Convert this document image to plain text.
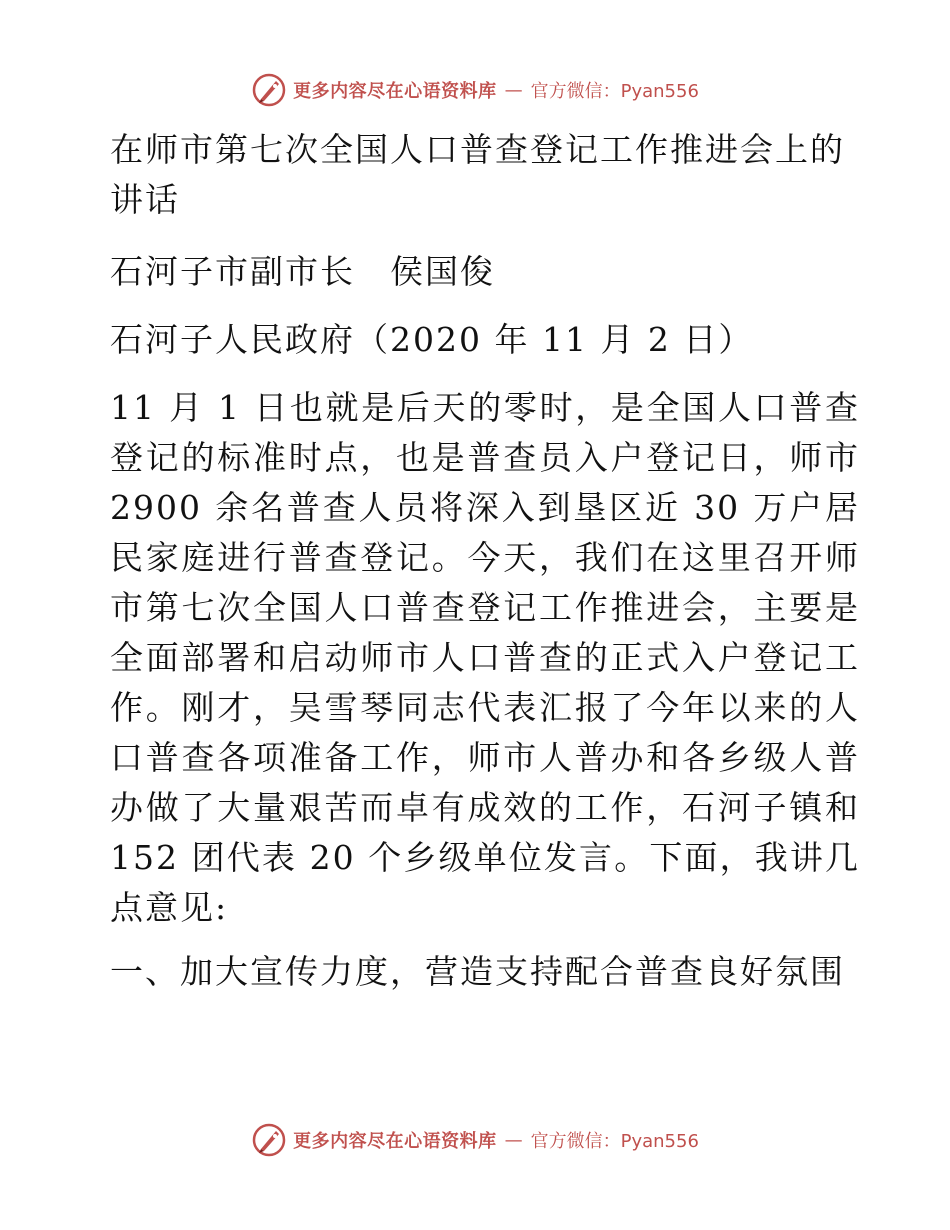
更多内容尽在心语资料库 — 官方微信：Pyan556

在师市第七次全国人口普查登记工作推进会上的讲话

石河子市副市长　侯国俊

石河子人民政府（2020 年 11 月 2 日）

11 月 1 日也就是后天的零时，是全国人口普查登记的标准时点，也是普查员入户登记日，师市 2900 余名普查人员将深入到垦区近 30 万户居民家庭进行普查登记。今天，我们在这里召开师市第七次全国人口普查登记工作推进会，主要是全面部署和启动师市人口普查的正式入户登记工作。刚才，吴雪琴同志代表汇报了今年以来的人口普查各项准备工作，师市人普办和各乡级人普办做了大量艰苦而卓有成效的工作，石河子镇和 152 团代表 20 个乡级单位发言。下面，我讲几点意见:

一、加大宣传力度，营造支持配合普查良好氛围

更多内容尽在心语资料库 — 官方微信：Pyan556
